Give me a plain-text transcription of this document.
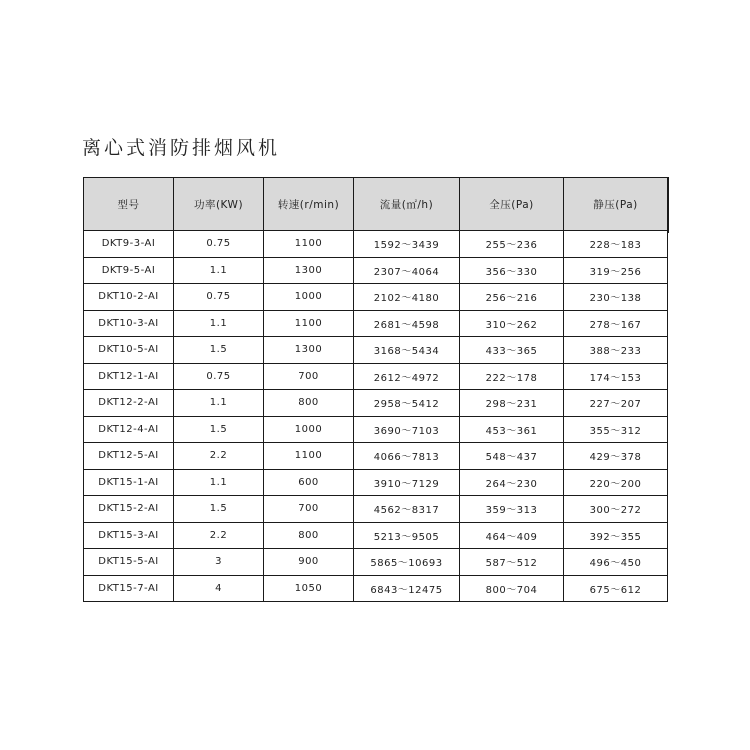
离心式消防排烟风机
型号	功率(KW)	转速(r/min)	流量(㎡/h)	全压(Pa)	静压(Pa)
DKT9-3-AI	0.75	1100	1592～3439	255～236	228～183
DKT9-5-AI	1.1	1300	2307～4064	356～330	319～256
DKT10-2-AI	0.75	1000	2102～4180	256～216	230～138
DKT10-3-AI	1.1	1100	2681～4598	310～262	278～167
DKT10-5-AI	1.5	1300	3168～5434	433～365	388～233
DKT12-1-AI	0.75	700	2612～4972	222～178	174～153
DKT12-2-AI	1.1	800	2958～5412	298～231	227～207
DKT12-4-AI	1.5	1000	3690～7103	453～361	355～312
DKT12-5-AI	2.2	1100	4066～7813	548～437	429～378
DKT15-1-AI	1.1	600	3910～7129	264～230	220～200
DKT15-2-AI	1.5	700	4562～8317	359～313	300～272
DKT15-3-AI	2.2	800	5213～9505	464～409	392～355
DKT15-5-AI	3	900	5865～10693	587～512	496～450
DKT15-7-AI	4	1050	6843～12475	800～704	675～612
